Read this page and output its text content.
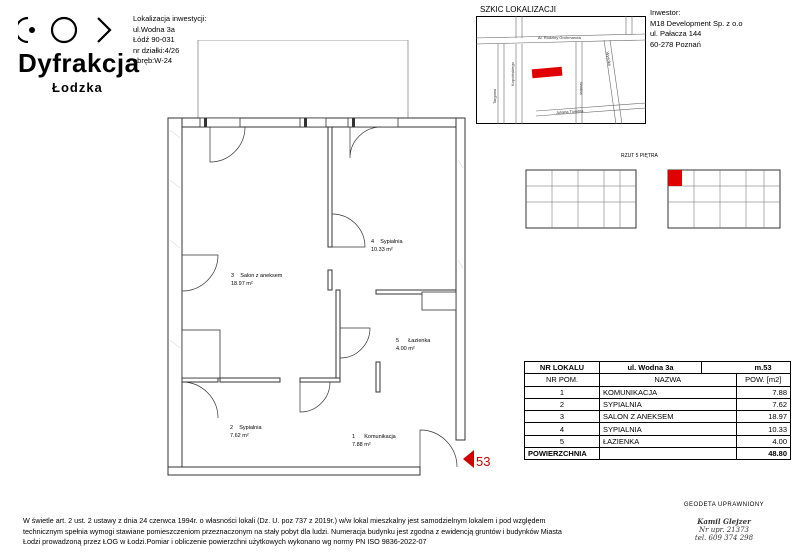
Dyfrakcja
Łodzka
Lokalizacja inwestycji:
ul.Wodna 3a
Łódź 90-031
nr działki:4/26
obręb:W-24
SZKIC LOKALIZACJI
Al. Rodziny Grohmanów
Targowa
Kopcińskiego
Wodna
Wysoka
Juliana Tuwima
Inwestor:
M18 Development Sp. z o.o
ul. Pałacza 144
60-278 Poznań
RZUT 5 PIĘTRA
4 Sypialnia
10.33 m²
3 Salon z aneksem
18.97 m²
5 Łazienka
4.00 m²
2 Sypialnia
7.62 m²	1 Komunikacja
7.88 m²
53
NR LOKALU	ul. Wodna 3a		m.53
NR POM.	NAZWA		POW. [m2]
1	KOMUNIKACJA		7.88
2	SYPIALNIA		7.62
3	SALON Z ANEKSEM		18.97
4	SYPIALNIA		10.33
5	ŁAZIENKA		4.00
POWIERZCHNIA			48.80
W świetle art. 2 ust. 2 ustawy z dnia 24 czerwca 1994r. o własności lokali (Dz. U. poz 737 z 2019r.) w/w lokal mieszkalny jest samodzielnym lokalem i pod względem
technicznym spełnia wymogi stawiane pomieszczeniom przeznaczonym na stały pobyt dla ludzi. Numeracja budynku jest zgodna z ewidencją gruntów i budynków Miasta
Łodzi prowadzoną przez ŁOG w Łodzi.Pomiar i obliczenie powierzchni użytkowych wykonano wg normy PN ISO 9836-2022-07
GEODETA UPRAWNIONY
Kamil Glejzer
Nr upr. 21373
tel. 609 374 298
